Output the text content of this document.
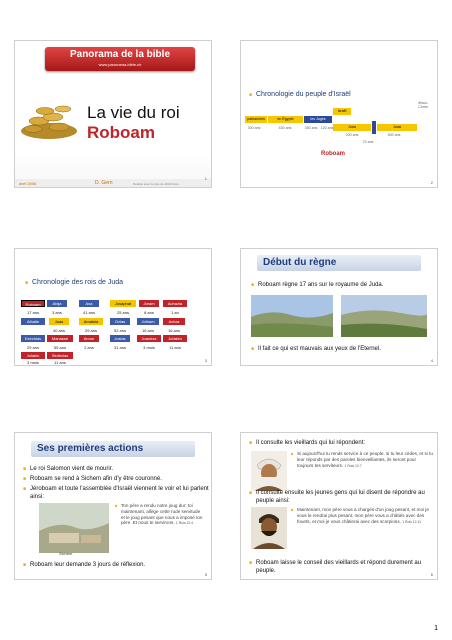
Panorama de la bible
www.panorama-bible.ch
La vie du roi
Roboam
avril 2006	D. Gern	Réalisé avec le plus de 2000 titres.
1
■ Chronologie du peuple d'Israël
Jésus-
Christ
patriarches	en Égypte	les Juges
Israël
Juda	Juda
300 ans	430 ans	350 ans 120 ans
200 ans	500 ans
70 ans
Roboam
2
■ Chronologie des rois de Juda
Roboam	Abija	Asa	Josaphat	Joram	Achazia
17 ans	3 ans	41 ans	25 ans	8 ans	1 an
Athalie	Joas	Amatsia	Ozias	Jotham	Achaz
40 ans	29 ans	52 ans	16 ans	16 ans
Ezéchias	Manassé	Amon	Josias	Joachaz	Joïakim
29 ans	55 ans	2 ans	31 ans	3 mois	11 ans
Joïakin	Sédécias
3 mois	11 ans	3
Début du règne
■ Roboam règne 17 ans sur le royaume de Juda.
■ Il fait ce qui est mauvais aux yeux de l'Eternel.
4
Ses premières actions
■ Le roi Salomon vient de mourir.
■ Roboam se rend à Sichem afin d'y être couronné.
■ Jéroboam et toute l'assemblée d'Israël viennent le voir et lui parlent ainsi:
Sichem
■ Ton père a rendu notre joug dur; toi maintenant, allège cette rude servitude et le joug pesant que nous a imposé ton père. Et nous te servirons. 1 Rois 12.4
■ Roboam leur demande 3 jours de réflexion.
5
■ Il consulte les vieillards qui lui répondent:
■ Si aujourd'hui tu rends service à ce peuple, si tu leur cèdes, et si tu leur réponds par des paroles bienveillantes, ils seront pour toujours tes serviteurs. 1 Rois 12.7
■ Il consulte ensuite les jeunes gens qui lui disent de répondre au peuple ainsi:
■ Maintenant, mon père vous a chargés d'un joug pesant, et moi je vous le rendrai plus pesant; mon père vous a châtiés avec des fouets, et moi je vous châtierai avec des scorpions. 1 Rois 12.11
■ Roboam laisse le conseil des vieillards et répond durement au peuple.
6
1
